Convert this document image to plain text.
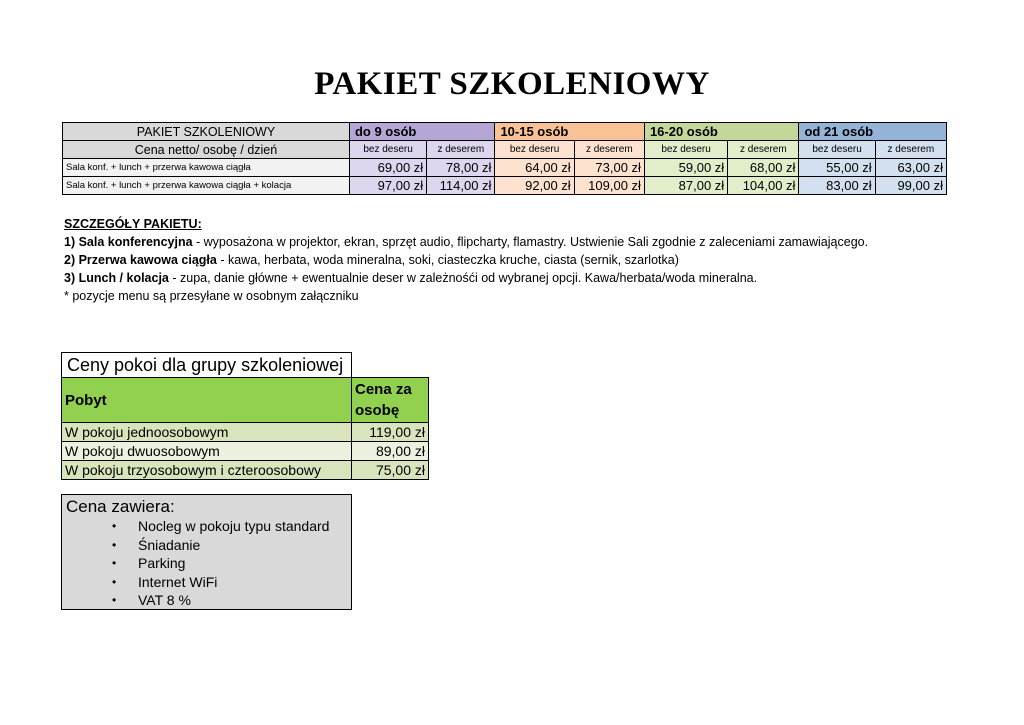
PAKIET SZKOLENIOWY
PAKIET SZKOLENIOWY	do 9 osób		10-15 osób		16-20 osób		od 21 osób	
Cena netto/ osobę / dzień	bez deseru	z deserem	bez deseru	z deserem	bez deseru	z deserem	bez deseru	z deserem
Sala konf. + lunch + przerwa kawowa ciągła	69,00 zł	78,00 zł	64,00 zł	73,00 zł	59,00 zł	68,00 zł	55,00 zł	63,00 zł
Sala konf. + lunch + przerwa kawowa ciągła + kolacja	97,00 zł	114,00 zł	92,00 zł	109,00 zł	87,00 zł	104,00 zł	83,00 zł	99,00 zł
SZCZEGÓŁY PAKIETU:
1) Sala konferencyjna - wyposażona w projektor, ekran, sprzęt audio, flipcharty, flamastry. Ustwienie Sali zgodnie z zaleceniami zamawiającego.
2) Przerwa kawowa ciągła - kawa, herbata, woda mineralna, soki, ciasteczka kruche, ciasta (sernik, szarlotka)
3) Lunch / kolacja - zupa, danie główne + ewentualnie deser w zależnośći od wybranej opcji. Kawa/herbata/woda mineralna.
* pozycje menu są przesyłane w osobnym załączniku
Ceny pokoi dla grupy szkoleniowej	
Pobyt	Cena za osobę
W pokoju jednoosobowym	119,00 zł
W pokoju dwuosobowym	89,00 zł
W pokoju trzyosobowym i czteroosobowy	75,00 zł
Cena zawiera:
• Nocleg w pokoju typu standard
• Śniadanie
• Parking
• Internet WiFi
• VAT 8 %
